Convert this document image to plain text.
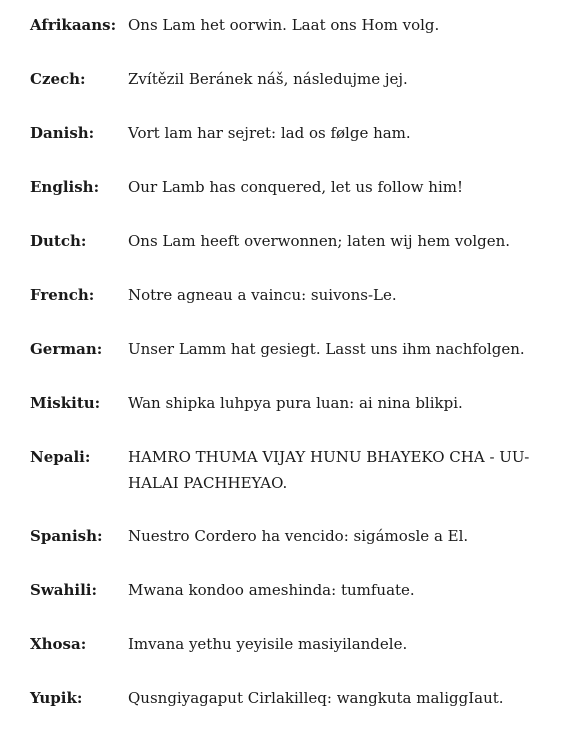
Afrikaans: Ons Lam het oorwin. Laat ons Hom volg.
Czech:	Zvítězil Beránek náš, následujme jej.
Danish:	Vort lam har sejret: lad os følge ham.
English:	Our Lamb has conquered, let us follow him!
Dutch:	Ons Lam heeft overwonnen; laten wij hem volgen.
French:	Notre agneau a vaincu: suivons-Le.
German:	Unser Lamm hat gesiegt. Lasst uns ihm nachfolgen.
Miskitu:	Wan shipka luhpya pura luan: ai nina blikpi.
Nepali:	HAMRO THUMA VIJAY HUNU BHAYEKO CHA - UU-HALAI PACHHEYAO.
Spanish:	Nuestro Cordero ha vencido: sigámosle a El.
Swahili:	Mwana kondoo ameshinda: tumfuate.
Xhosa:	Imvana yethu yeyisile masiyilandele.
Yupik:	Qusngiyagaput Cirlakilleq: wangkuta maliggIaut.
